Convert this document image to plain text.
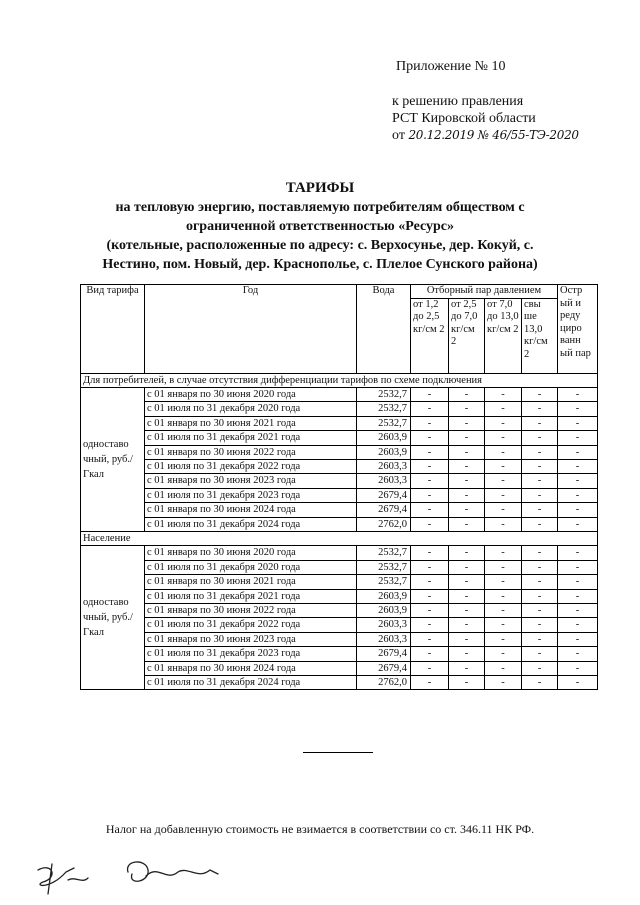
Приложение № 10
к решению правления
РСТ Кировской области
от 20.12.2019 № 46/55-ТЭ-2020
ТАРИФЫ
на тепловую энергию, поставляемую потребителям обществом с
ограниченной ответственностью «Ресурс»
(котельные, расположенные по адресу: с. Верхосунье, дер. Кокуй, с.
Нестино, пом. Новый, дер. Краснополье, с. Плелое Сунского района)
Вид тарифа	Год	Вода	Отборный пар давлением				Остр ый и реду циро ванн ый пар
			от 1,2 до 2,5 кг/см 2	от 2,5 до 7,0 кг/см 2	от 7,0 до 13,0 кг/см 2	свы ше 13,0 кг/см 2	
Для потребителей, в случае отсутствия дифференциации тарифов по схеме подключения							
одноставо чный, руб./Гкал	с 01 января по 30 июня 2020 года	2532,7	-	-	-	-	-
	с 01 июля по 31 декабря 2020 года	2532,7	-	-	-	-	-
	с 01 января по 30 июня 2021 года	2532,7	-	-	-	-	-
	с 01 июля по 31 декабря 2021 года	2603,9	-	-	-	-	-
	с 01 января по 30 июня 2022 года	2603,9	-	-	-	-	-
	с 01 июля по 31 декабря 2022 года	2603,3	-	-	-	-	-
	с 01 января по 30 июня 2023 года	2603,3	-	-	-	-	-
	с 01 июля по 31 декабря 2023 года	2679,4	-	-	-	-	-
	с 01 января по 30 июня 2024 года	2679,4	-	-	-	-	-
	с 01 июля по 31 декабря 2024 года	2762,0	-	-	-	-	-
Население							
одноставо чный, руб./Гкал	с 01 января по 30 июня 2020 года	2532,7	-	-	-	-	-
	с 01 июля по 31 декабря 2020 года	2532,7	-	-	-	-	-
	с 01 января по 30 июня 2021 года	2532,7	-	-	-	-	-
	с 01 июля по 31 декабря 2021 года	2603,9	-	-	-	-	-
	с 01 января по 30 июня 2022 года	2603,9	-	-	-	-	-
	с 01 июля по 31 декабря 2022 года	2603,3	-	-	-	-	-
	с 01 января по 30 июня 2023 года	2603,3	-	-	-	-	-
	с 01 июля по 31 декабря 2023 года	2679,4	-	-	-	-	-
	с 01 января по 30 июня 2024 года	2679,4	-	-	-	-	-
	с 01 июля по 31 декабря 2024 года	2762,0	-	-	-	-	-
Налог на добавленную стоимость не взимается в соответствии со ст. 346.11 НК РФ.
